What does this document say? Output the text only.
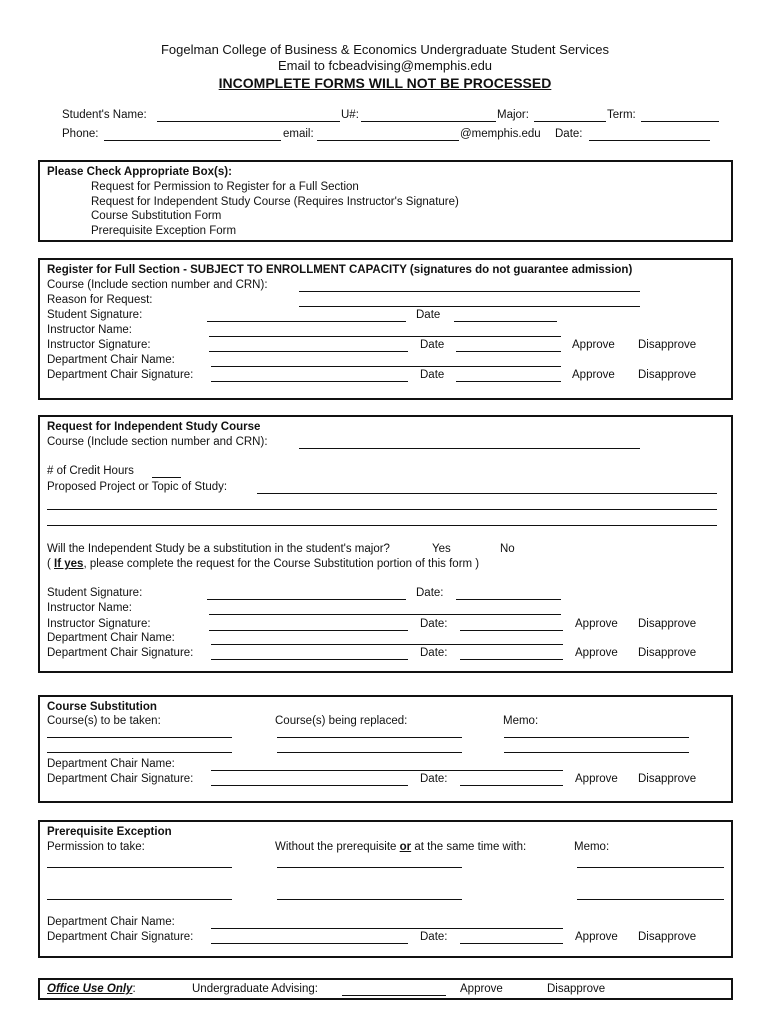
Fogelman College of Business & Economics Undergraduate Student Services
Email to fcbeadvising@memphis.edu
INCOMPLETE FORMS WILL NOT BE PROCESSED
Student's Name:	U#:	Major:	Term:
Phone:	email:	@memphis.edu Date:
Please Check Appropriate Box(s):
Request for Permission to Register for a Full Section
Request for Independent Study Course (Requires Instructor's Signature)
Course Substitution Form
Prerequisite Exception Form
Register for Full Section - SUBJECT TO ENROLLMENT CAPACITY (signatures do not guarantee admission)
Course (Include section number and CRN):
Reason for Request:
Student Signature:	Date
Instructor Name:
Instructor Signature:	Date	Approve Disapprove
Department Chair Name:
Department Chair Signature:	Date	Approve Disapprove
Request for Independent Study Course
Course (Include section number and CRN):
# of Credit Hours
Proposed Project or Topic of Study:
Will the Independent Study be a substitution in the student's major?	Yes	No
( If yes, please complete the request for the Course Substitution portion of this form )
Student Signature:	Date:
Instructor Name:
Instructor Signature:	Date:	Approve Disapprove
Department Chair Name:
Department Chair Signature:	Date:	Approve Disapprove
Course Substitution
Course(s) to be taken:	Course(s) being replaced:	Memo:
Department Chair Name:
Department Chair Signature:	Date:	Approve Disapprove
Prerequisite Exception
Permission to take:	Without the prerequisite or at the same time with:	Memo:
Department Chair Name:
Department Chair Signature:	Date:	Approve Disapprove
Office Use Only:	Undergraduate Advising:	Approve	Disapprove
